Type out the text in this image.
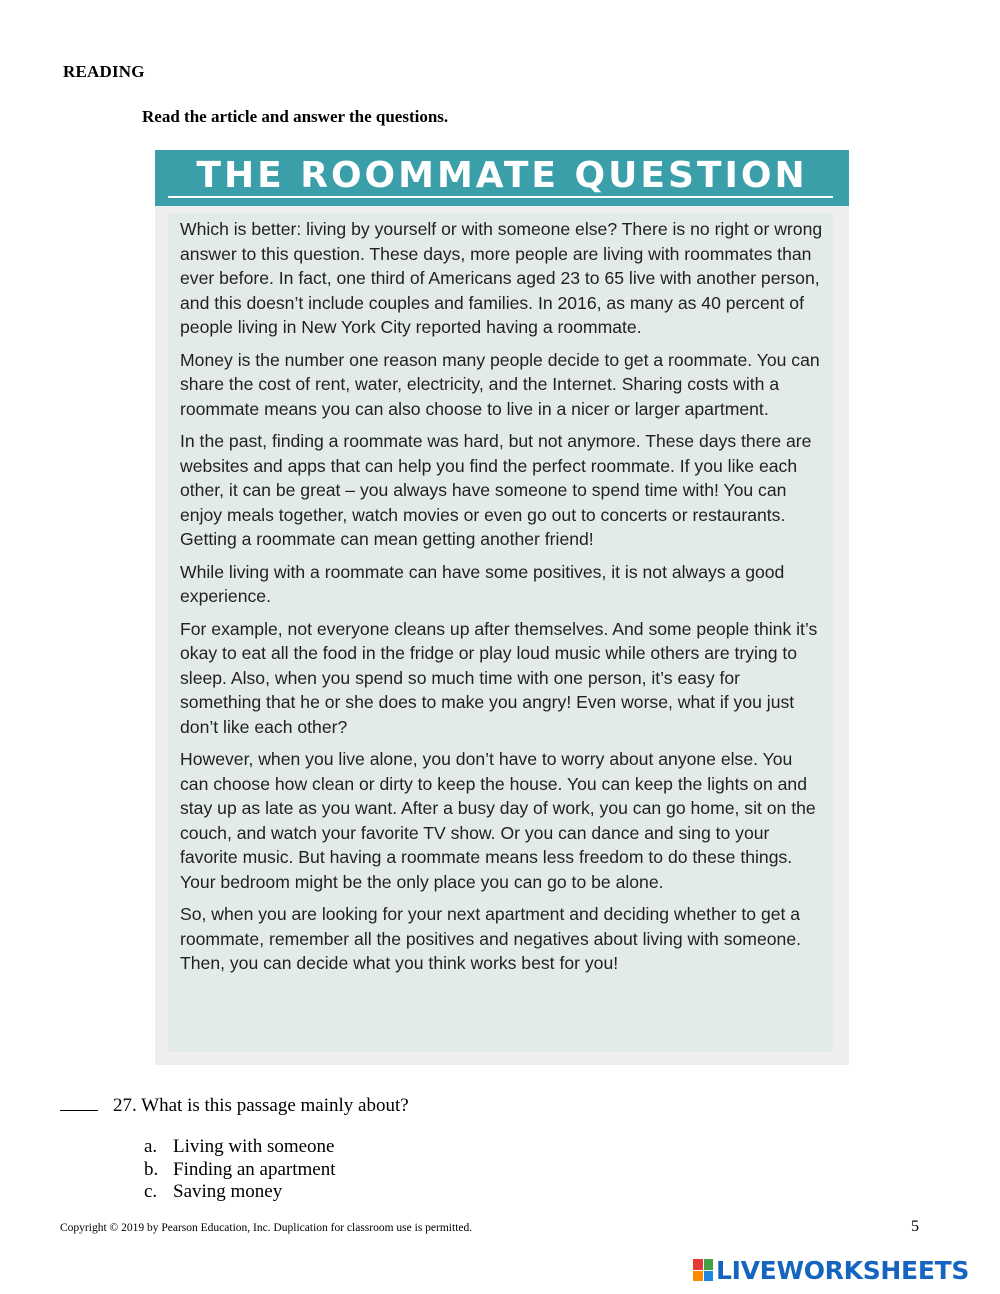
READING
Read the article and answer the questions.
THE ROOMMATE QUESTION

Which is better: living by yourself or with someone else? There is no right or wrong answer to this question. These days, more people are living with roommates than ever before. In fact, one third of Americans aged 23 to 65 live with another person, and this doesn’t include couples and families. In 2016, as many as 40 percent of people living in New York City reported having a roommate.

Money is the number one reason many people decide to get a roommate. You can share the cost of rent, water, electricity, and the Internet. Sharing costs with a roommate means you can also choose to live in a nicer or larger apartment.

In the past, finding a roommate was hard, but not anymore. These days there are websites and apps that can help you find the perfect roommate. If you like each other, it can be great – you always have someone to spend time with! You can enjoy meals together, watch movies or even go out to concerts or restaurants. Getting a roommate can mean getting another friend!

While living with a roommate can have some positives, it is not always a good experience.

For example, not everyone cleans up after themselves. And some people think it’s okay to eat all the food in the fridge or play loud music while others are trying to sleep. Also, when you spend so much time with one person, it’s easy for something that he or she does to make you angry! Even worse, what if you just don’t like each other?

However, when you live alone, you don’t have to worry about anyone else. You can choose how clean or dirty to keep the house. You can keep the lights on and stay up as late as you want. After a busy day of work, you can go home, sit on the couch, and watch your favorite TV show. Or you can dance and sing to your favorite music. But having a roommate means less freedom to do these things. Your bedroom might be the only place you can go to be alone.

So, when you are looking for your next apartment and deciding whether to get a roommate, remember all the positives and negatives about living with someone. Then, you can decide what you think works best for you!

27. What is this passage mainly about?
a. Living with someone
b. Finding an apartment
c. Saving money
Copyright © 2019 by Pearson Education, Inc. Duplication for classroom use is permitted.	5
LIVEWORKSHEETS
